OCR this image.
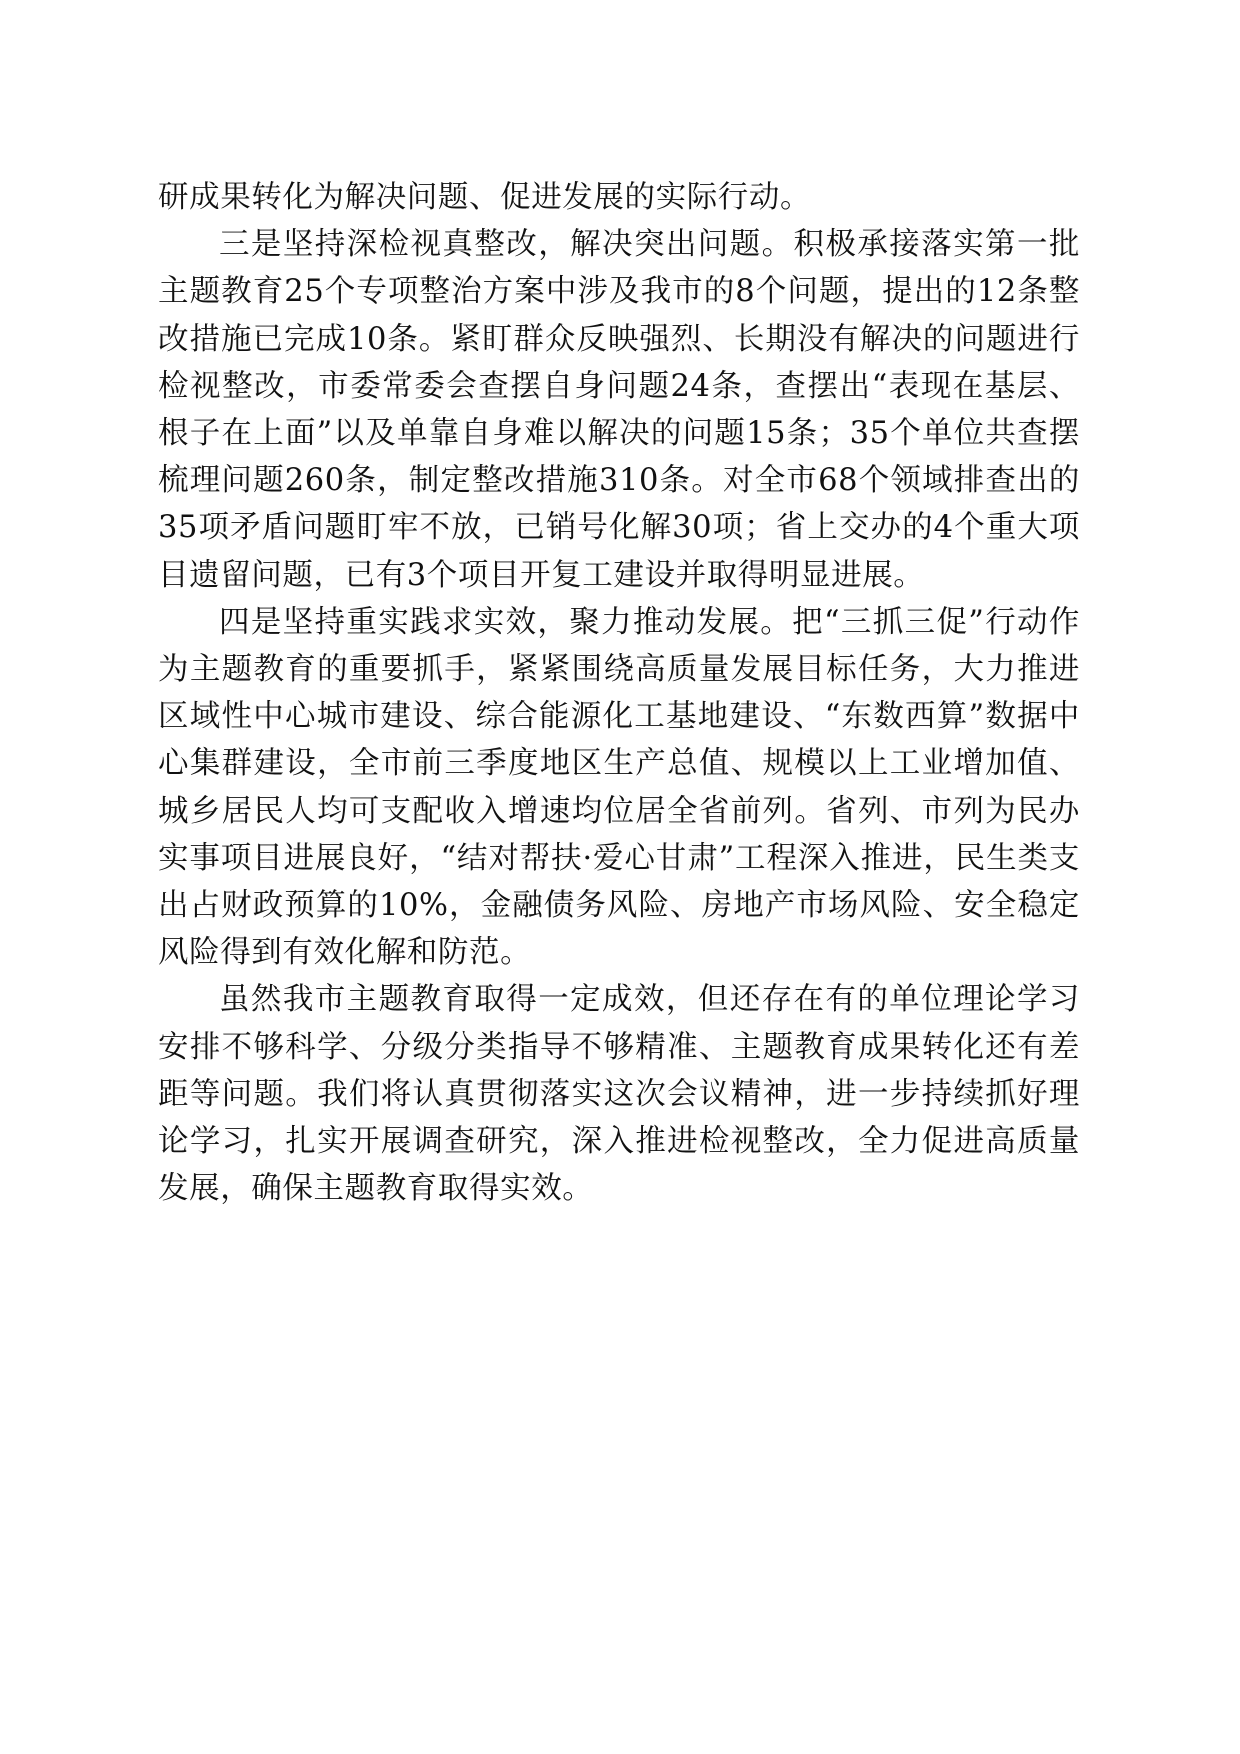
研成果转化为解决问题、促进发展的实际行动。

三是坚持深检视真整改，解决突出问题。积极承接落实第一批主题教育25个专项整治方案中涉及我市的8个问题，提出的12条整改措施已完成10条。紧盯群众反映强烈、长期没有解决的问题进行检视整改，市委常委会查摆自身问题24条，查摆出“表现在基层、根子在上面”以及单靠自身难以解决的问题15条；35个单位共查摆梳理问题260条，制定整改措施310条。对全市68个领域排查出的35项矛盾问题盯牢不放，已销号化解30项；省上交办的4个重大项目遗留问题，已有3个项目开复工建设并取得明显进展。

四是坚持重实践求实效，聚力推动发展。把“三抓三促”行动作为主题教育的重要抓手，紧紧围绕高质量发展目标任务，大力推进区域性中心城市建设、综合能源化工基地建设、“东数西算”数据中心集群建设，全市前三季度地区生产总值、规模以上工业增加值、城乡居民人均可支配收入增速均位居全省前列。省列、市列为民办实事项目进展良好，“结对帮扶·爱心甘肃”工程深入推进，民生类支出占财政预算的10%，金融债务风险、房地产市场风险、安全稳定风险得到有效化解和防范。

虽然我市主题教育取得一定成效，但还存在有的单位理论学习安排不够科学、分级分类指导不够精准、主题教育成果转化还有差距等问题。我们将认真贯彻落实这次会议精神，进一步持续抓好理论学习，扎实开展调查研究，深入推进检视整改，全力促进高质量发展，确保主题教育取得实效。
